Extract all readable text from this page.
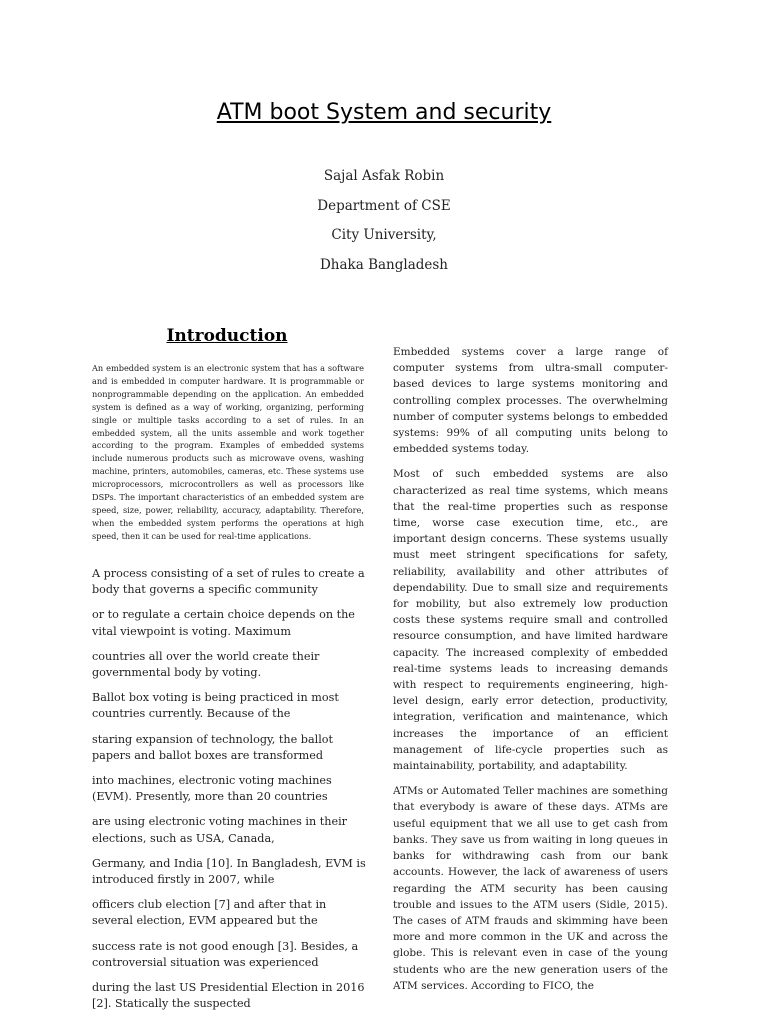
ATM boot System and security
Sajal Asfak Robin
Department of CSE
City University,
Dhaka Bangladesh
Introduction
An embedded system is an electronic system that has a software and is embedded in computer hardware. It is programmable or nonprogrammable depending on the application. An embedded system is defined as a way of working, organizing, performing single or multiple tasks according to a set of rules. In an embedded system, all the units assemble and work together according to the program. Examples of embedded systems include numerous products such as microwave ovens, washing machine, printers, automobiles, cameras, etc. These systems use microprocessors, microcontrollers as well as processors like DSPs. The important characteristics of an embedded system are speed, size, power, reliability, accuracy, adaptability. Therefore, when the embedded system performs the operations at high speed, then it can be used for real-time applications.

A process consisting of a set of rules to create a body that governs a specific community

or to regulate a certain choice depends on the vital viewpoint is voting. Maximum

countries all over the world create their governmental body by voting.

Ballot box voting is being practiced in most countries currently. Because of the

staring expansion of technology, the ballot papers and ballot boxes are transformed

into machines, electronic voting machines (EVM). Presently, more than 20 countries

are using electronic voting machines in their elections, such as USA, Canada,

Germany, and India [10]. In Bangladesh, EVM is introduced firstly in 2007, while

officers club election [7] and after that in several election, EVM appeared but the

success rate is not good enough [3]. Besides, a controversial situation was experienced

during the last US Presidential Election in 2016 [2]. Statically the suspected

Embedded systems cover a large range of computer systems from ultra-small computer-based devices to large systems monitoring and controlling complex processes. The overwhelming number of computer systems belongs to embedded systems: 99% of all computing units belong to embedded systems today.

Most of such embedded systems are also characterized as real time systems, which means that the real-time properties such as response time, worse case execution time, etc., are important design concerns. These systems usually must meet stringent specifications for safety, reliability, availability and other attributes of dependability. Due to small size and requirements for mobility, but also extremely low production costs these systems require small and controlled resource consumption, and have limited hardware capacity. The increased complexity of embedded real-time systems leads to increasing demands with respect to requirements engineering, high-level design, early error detection, productivity, integration, verification and maintenance, which increases the importance of an efficient management of life-cycle properties such as maintainability, portability, and adaptability.

ATMs or Automated Teller machines are something that everybody is aware of these days. ATMs are useful equipment that we all use to get cash from banks. They save us from waiting in long queues in banks for withdrawing cash from our bank accounts. However, the lack of awareness of users regarding the ATM security has been causing trouble and issues to the ATM users (Sidle, 2015). The cases of ATM frauds and skimming have been more and more common in the UK and across the globe. This is relevant even in case of the young students who are the new generation users of the ATM services. According to FICO, the
